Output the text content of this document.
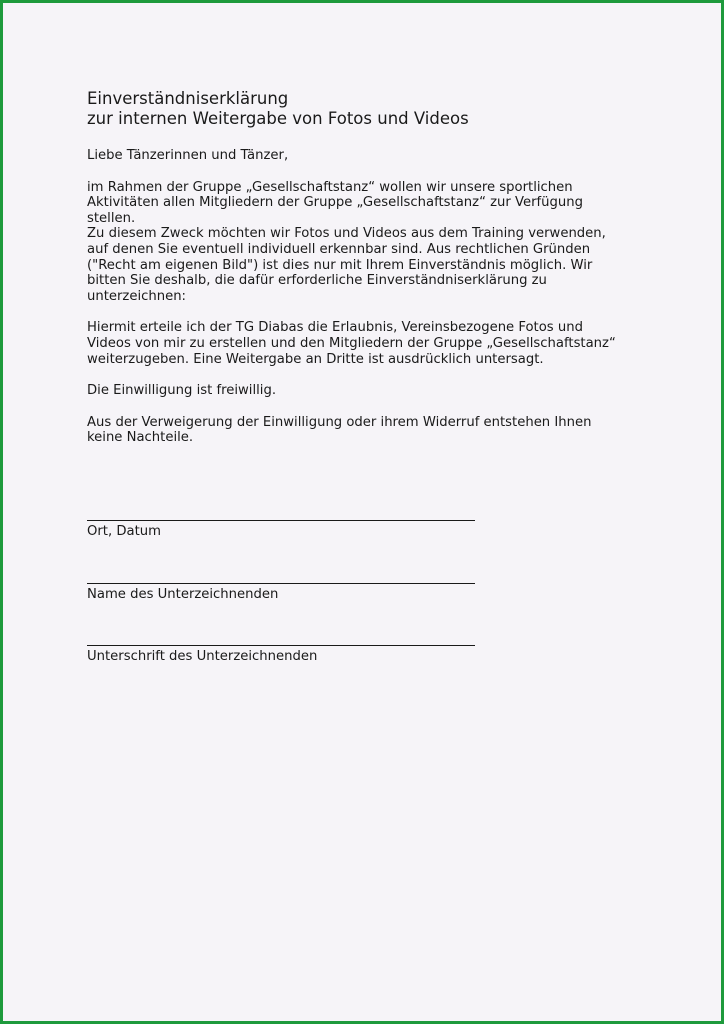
Einverständniserklärung
zur internen Weitergabe von Fotos und Videos

Liebe Tänzerinnen und Tänzer,

im Rahmen der Gruppe „Gesellschaftstanz“ wollen wir unsere sportlichen
Aktivitäten allen Mitgliedern der Gruppe „Gesellschaftstanz“ zur Verfügung
stellen.
Zu diesem Zweck möchten wir Fotos und Videos aus dem Training verwenden,
auf denen Sie eventuell individuell erkennbar sind. Aus rechtlichen Gründen
("Recht am eigenen Bild") ist dies nur mit Ihrem Einverständnis möglich. Wir
bitten Sie deshalb, die dafür erforderliche Einverständniserklärung zu
unterzeichnen:

Hiermit erteile ich der TG Diabas die Erlaubnis, Vereinsbezogene Fotos und
Videos von mir zu erstellen und den Mitgliedern der Gruppe „Gesellschaftstanz“
weiterzugeben. Eine Weitergabe an Dritte ist ausdrücklich untersagt.

Die Einwilligung ist freiwillig.

Aus der Verweigerung der Einwilligung oder ihrem Widerruf entstehen Ihnen
keine Nachteile.

Ort, Datum
Name des Unterzeichnenden
Unterschrift des Unterzeichnenden
